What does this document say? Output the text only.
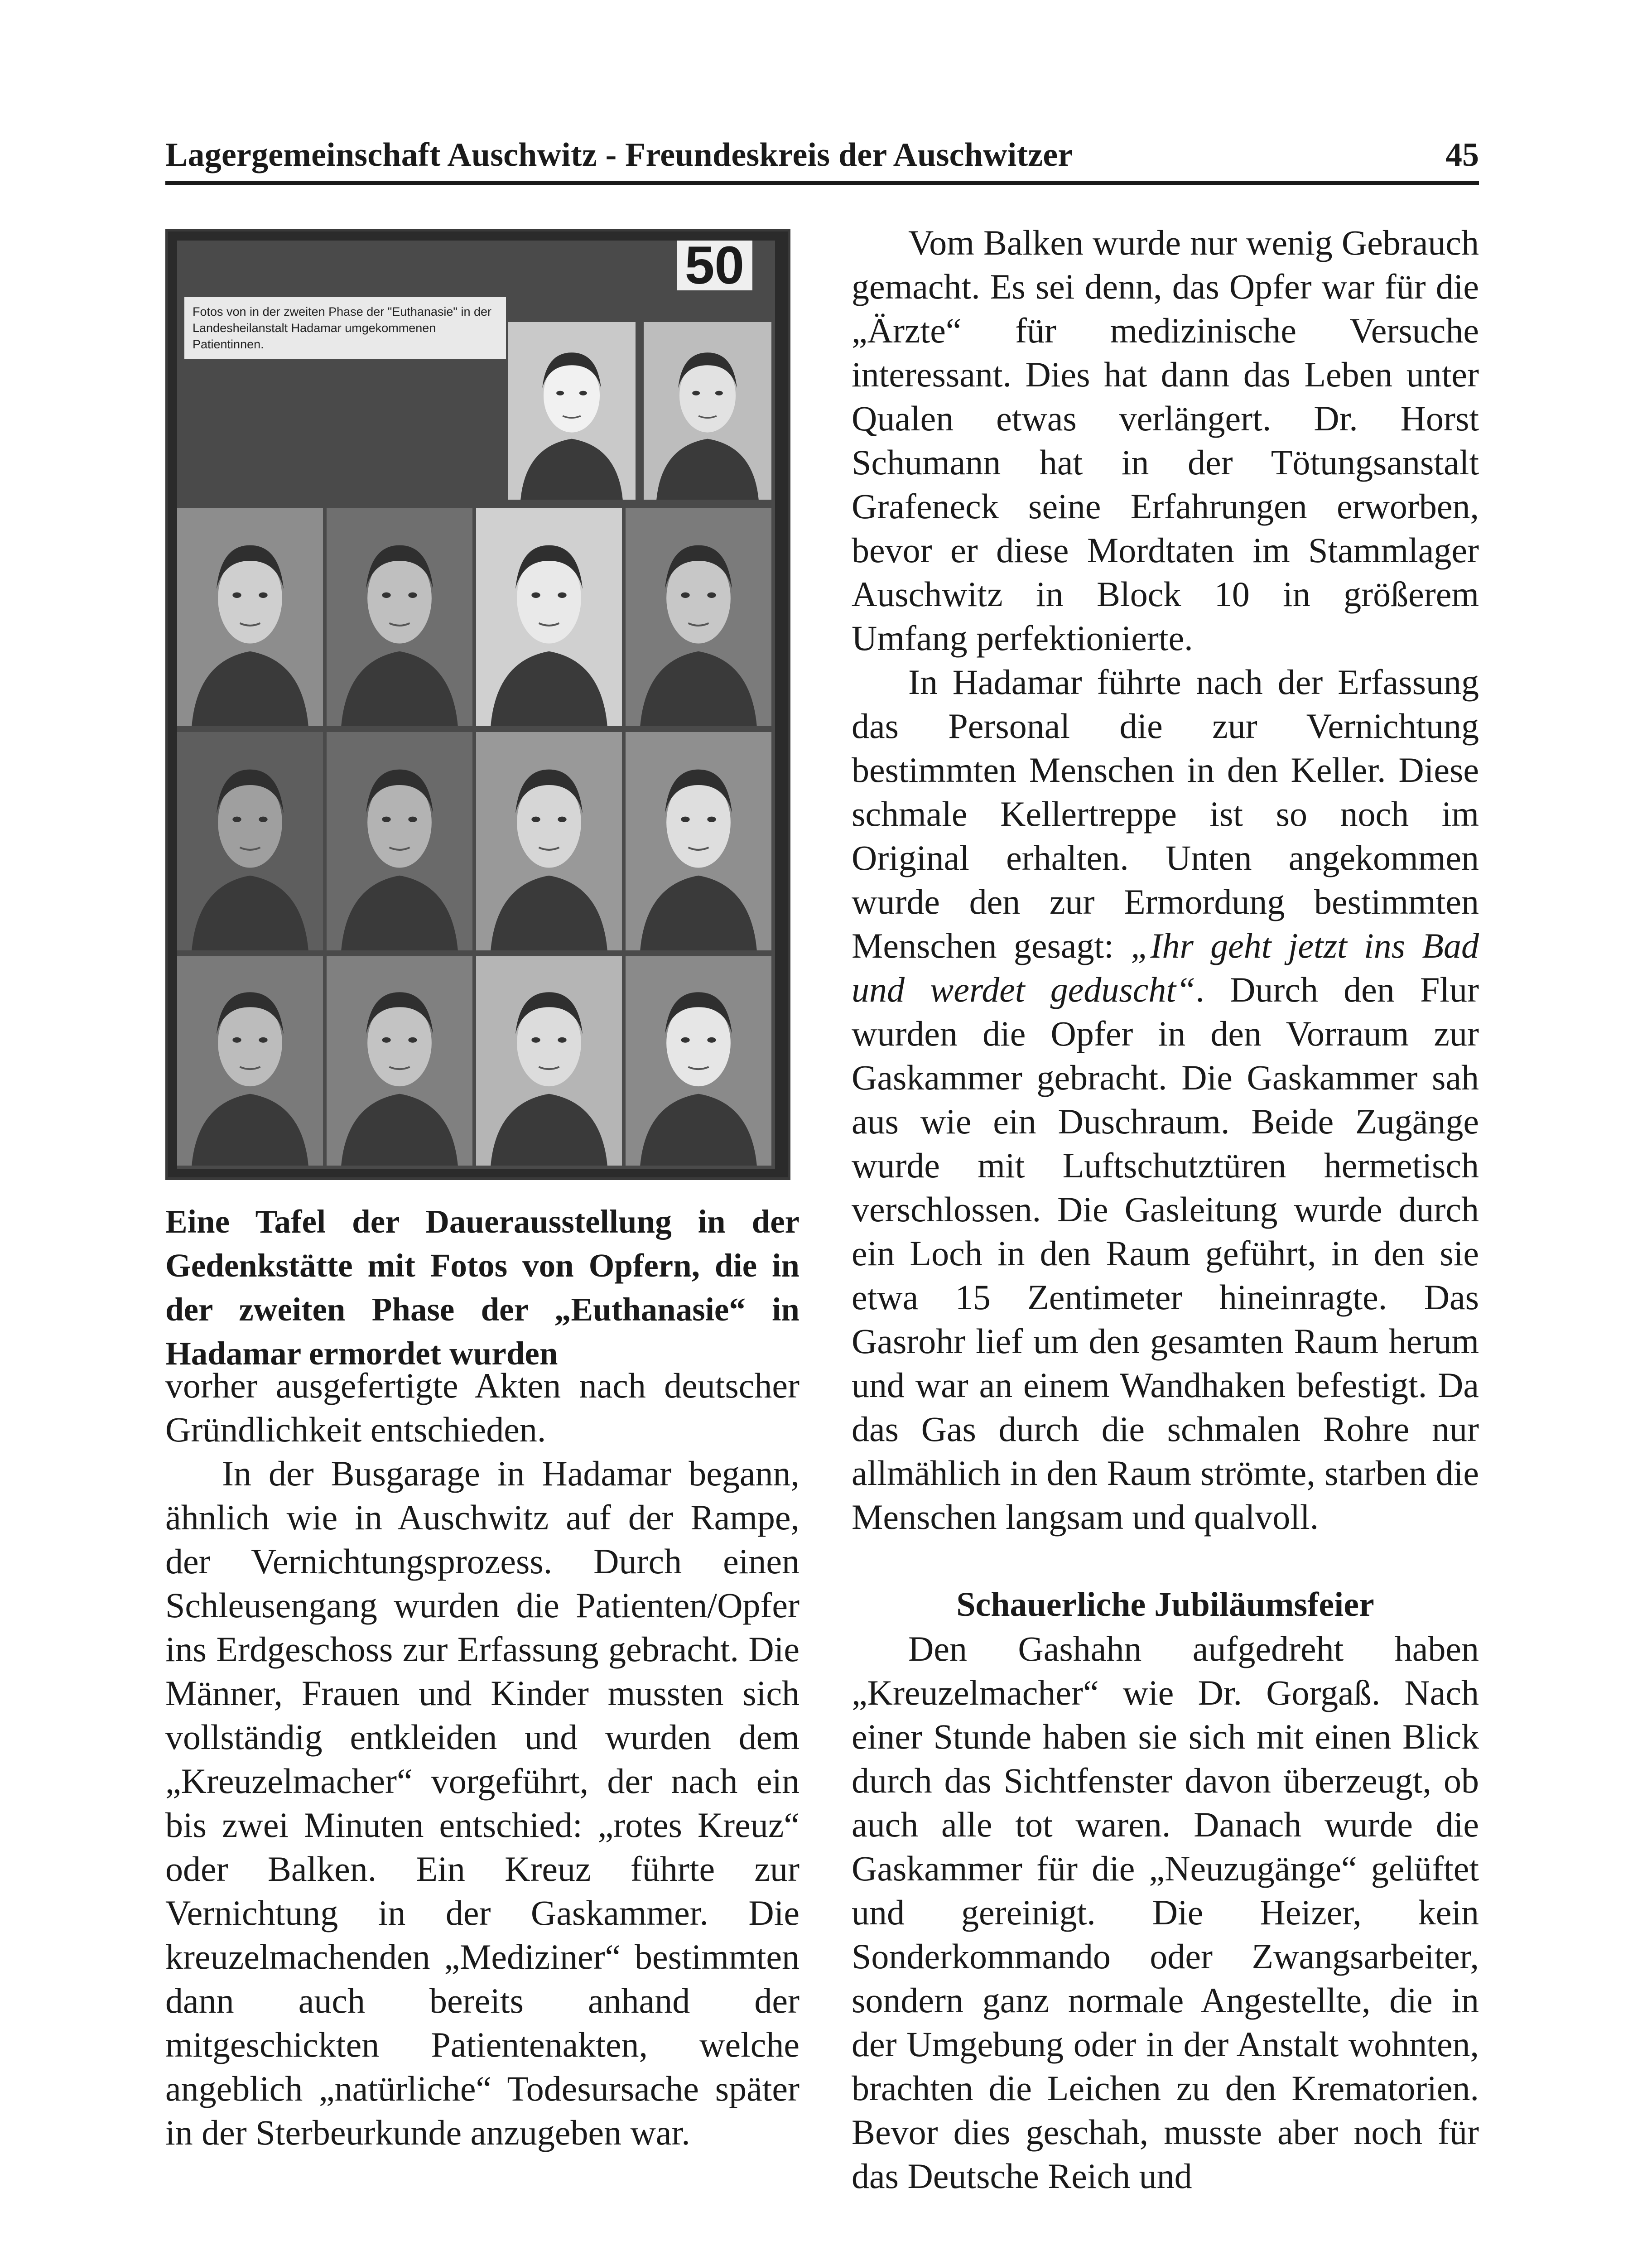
Lagergemeinschaft Auschwitz - Freundeskreis der Auschwitzer	45
Fotos von in der zweiten Phase der "Euthanasie" in der Landesheilanstalt Hadamar umgekommenen Patientinnen.
50
Eine Tafel der Dauerausstellung in der Gedenkstätte mit Fotos von Opfern, die in der zweiten Phase der „Euthanasie“ in Hadamar ermordet wurden

vorher ausgefertigte Akten nach deutscher Gründlichkeit entschieden.

In der Busgarage in Hadamar begann, ähnlich wie in Auschwitz auf der Rampe, der Vernichtungsprozess. Durch einen Schleusengang wurden die Patienten/Opfer ins Erdgeschoss zur Erfassung gebracht. Die Männer, Frauen und Kinder mussten sich vollständig entkleiden und wurden dem „Kreuzelmacher“ vorgeführt, der nach ein bis zwei Minuten entschied: „rotes Kreuz“ oder Balken. Ein Kreuz führte zur Vernichtung in der Gaskammer. Die kreuzelmachenden „Mediziner“ bestimmten dann auch bereits anhand der mitgeschickten Patientenakten, welche angeblich „natürliche“ Todesursache später in der Sterbeurkunde anzugeben war.

Vom Balken wurde nur wenig Gebrauch gemacht. Es sei denn, das Opfer war für die „Ärzte“ für medizinische Versuche interessant. Dies hat dann das Leben unter Qualen etwas verlängert. Dr. Horst Schumann hat in der Tötungsanstalt Grafeneck seine Erfahrungen erworben, bevor er diese Mordtaten im Stammlager Auschwitz in Block 10 in größerem Umfang perfektionierte.

In Hadamar führte nach der Erfassung das Personal die zur Vernichtung bestimmten Menschen in den Keller. Diese schmale Kellertreppe ist so noch im Original erhalten. Unten angekommen wurde den zur Ermordung bestimmten Menschen gesagt: „Ihr geht jetzt ins Bad und werdet geduscht“. Durch den Flur wurden die Opfer in den Vorraum zur Gaskammer gebracht. Die Gaskammer sah aus wie ein Duschraum. Beide Zugänge wurde mit Luftschutztüren hermetisch verschlossen. Die Gasleitung wurde durch ein Loch in den Raum geführt, in den sie etwa 15 Zentimeter hineinragte. Das Gasrohr lief um den gesamten Raum herum und war an einem Wandhaken befestigt. Da das Gas durch die schmalen Rohre nur allmählich in den Raum strömte, starben die Menschen langsam und qualvoll.

Schauerliche Jubiläumsfeier

Den Gashahn aufgedreht haben „Kreuzelmacher“ wie Dr. Gorgaß. Nach einer Stunde haben sie sich mit einen Blick durch das Sichtfenster davon überzeugt, ob auch alle tot waren. Danach wurde die Gaskammer für die „Neuzugänge“ gelüftet und gereinigt. Die Heizer, kein Sonderkommando oder Zwangsarbeiter, sondern ganz normale Angestellte, die in der Umgebung oder in der Anstalt wohnten, brachten die Leichen zu den Krematorien. Bevor dies geschah, musste aber noch für das Deutsche Reich und
